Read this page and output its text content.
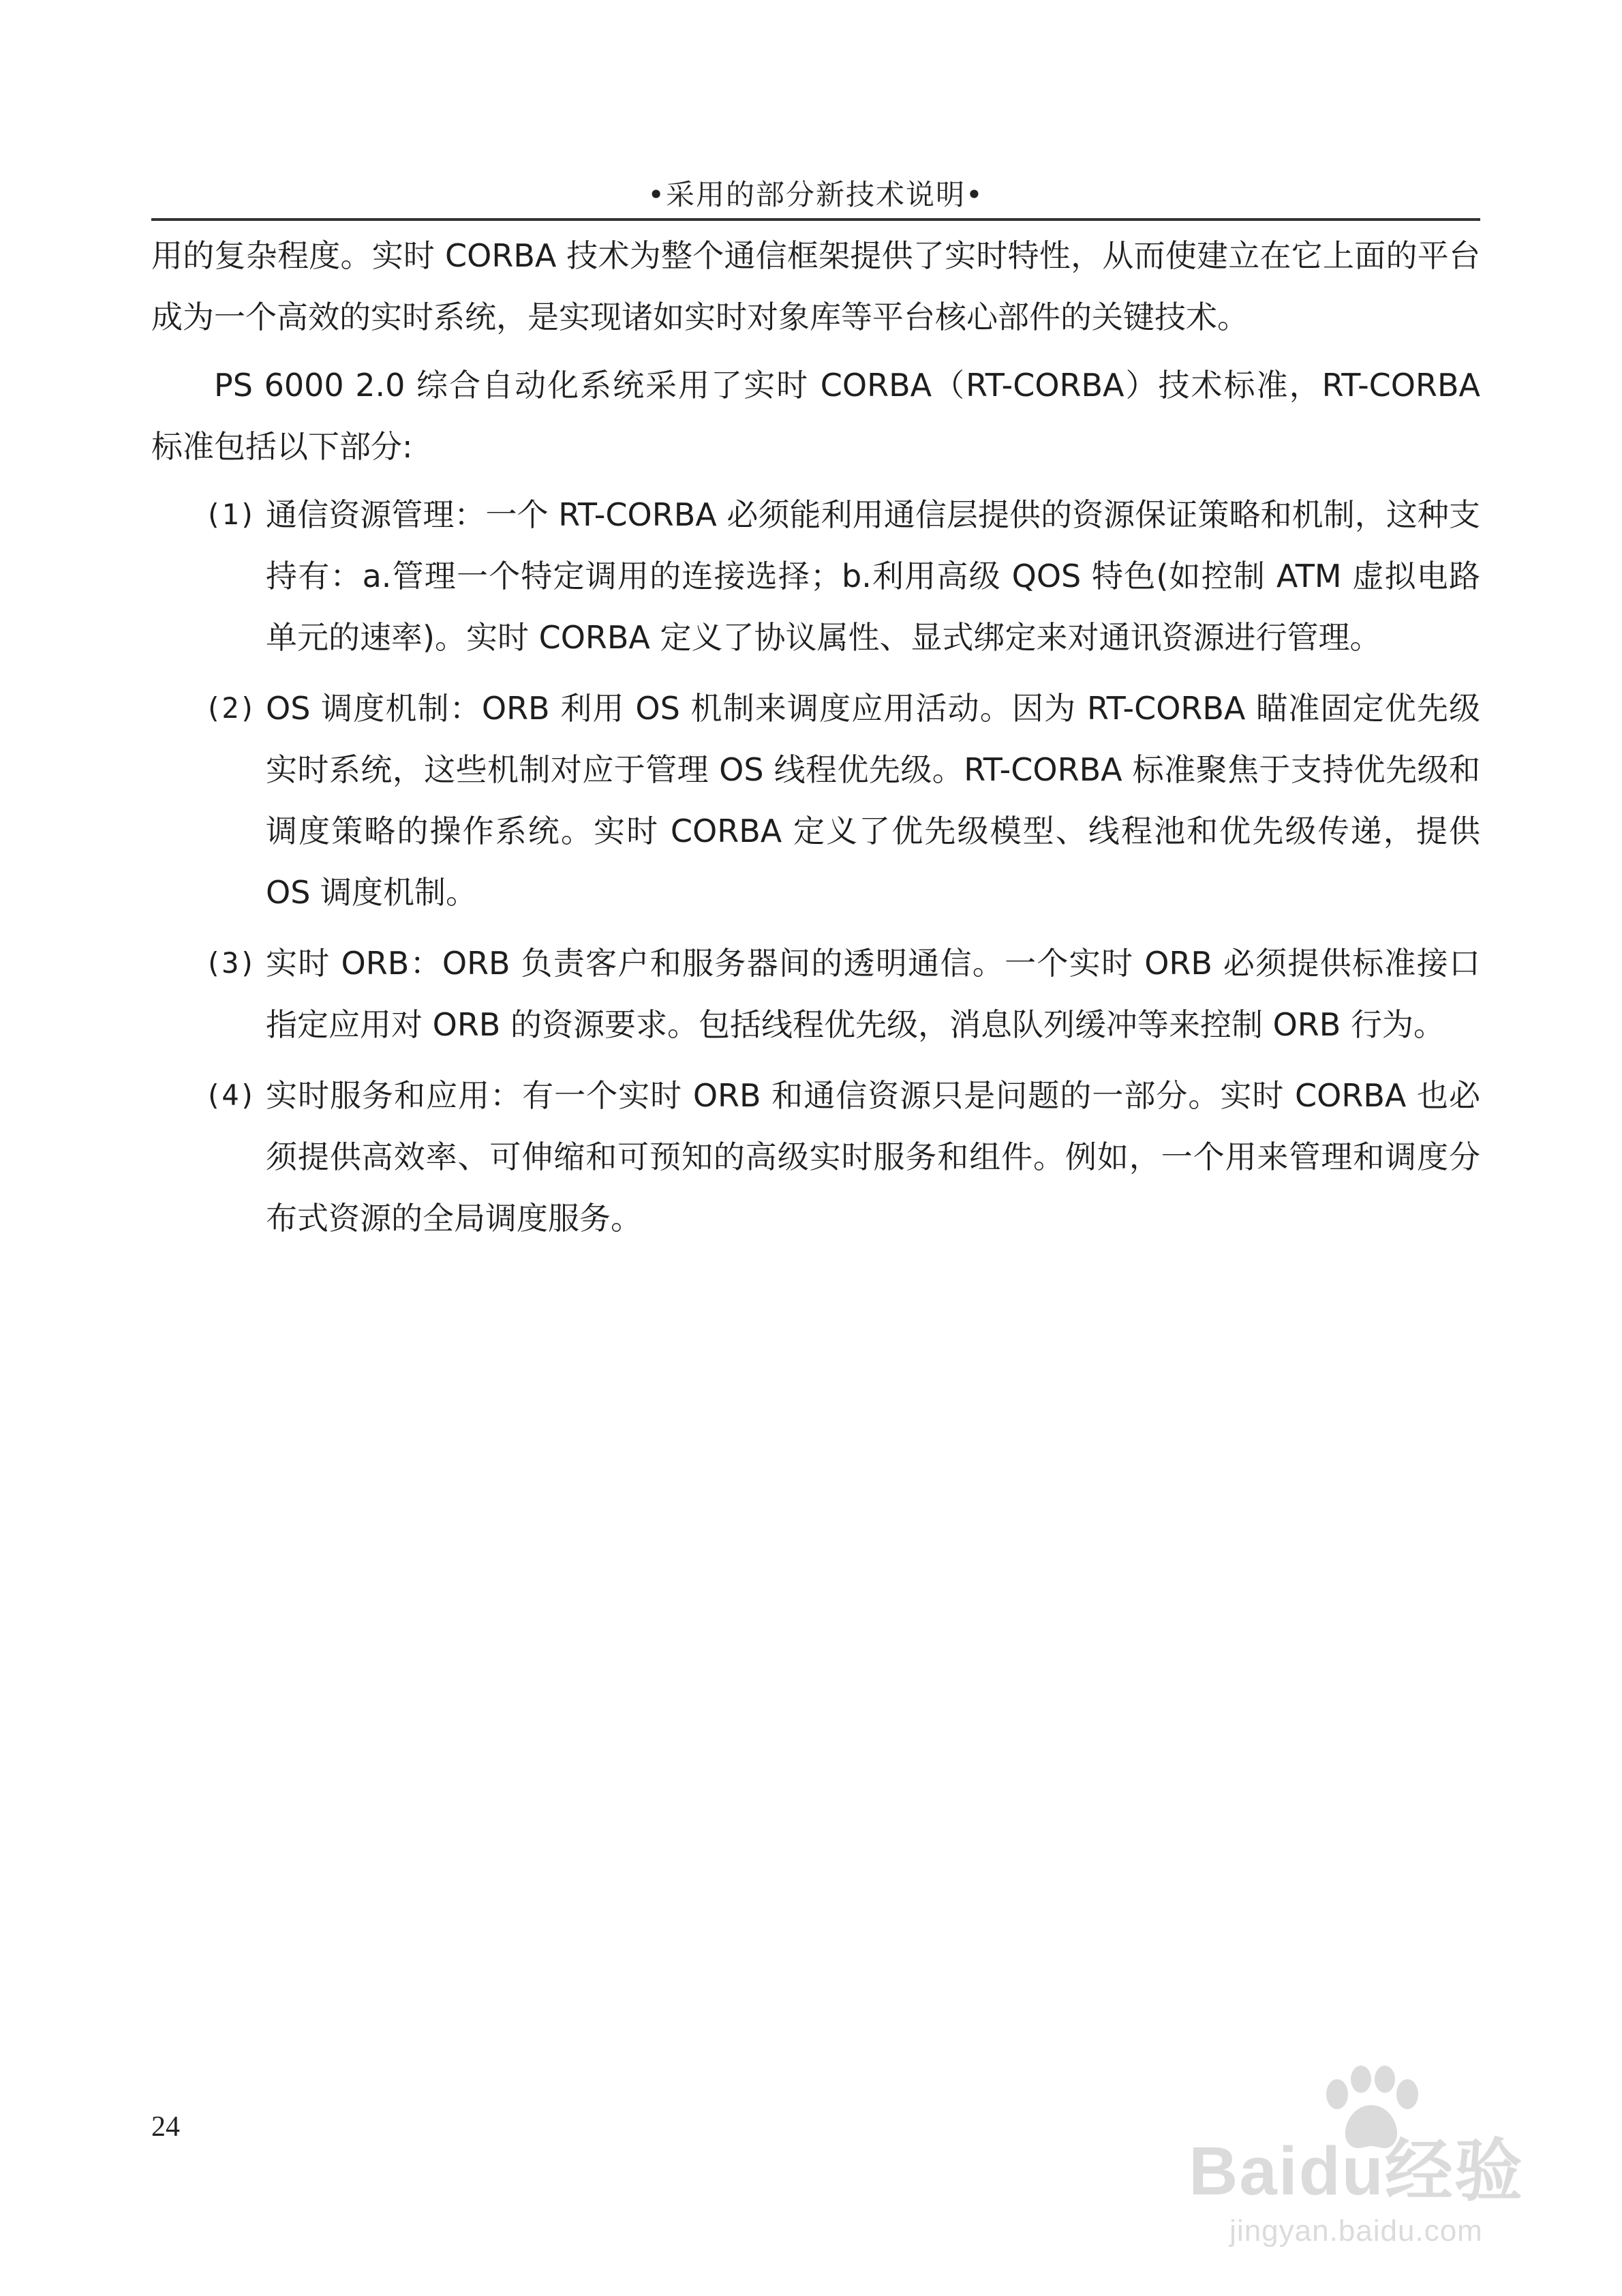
•采用的部分新技术说明•

用的复杂程度。实时 CORBA 技术为整个通信框架提供了实时特性，从而使建立在它上面的平台成为一个高效的实时系统，是实现诸如实时对象库等平台核心部件的关键技术。

PS 6000 2.0 综合自动化系统采用了实时 CORBA（RT-CORBA）技术标准，RT-CORBA 标准包括以下部分:

(1) 通信资源管理：一个 RT-CORBA 必须能利用通信层提供的资源保证策略和机制，这种支持有：a.管理一个特定调用的连接选择；b.利用高级 QOS 特色(如控制 ATM 虚拟电路单元的速率)。实时 CORBA 定义了协议属性、显式绑定来对通讯资源进行管理。
(2) OS 调度机制：ORB 利用 OS 机制来调度应用活动。因为 RT-CORBA 瞄准固定优先级实时系统，这些机制对应于管理 OS 线程优先级。RT-CORBA 标准聚焦于支持优先级和调度策略的操作系统。实时 CORBA 定义了优先级模型、线程池和优先级传递，提供 OS 调度机制。
(3) 实时 ORB：ORB 负责客户和服务器间的透明通信。一个实时 ORB 必须提供标准接口指定应用对 ORB 的资源要求。包括线程优先级，消息队列缓冲等来控制 ORB 行为。
(4) 实时服务和应用：有一个实时 ORB 和通信资源只是问题的一部分。实时 CORBA 也必须提供高效率、可伸缩和可预知的高级实时服务和组件。例如，一个用来管理和调度分布式资源的全局调度服务。
24
Baidu经验
jingyan.baidu.com
